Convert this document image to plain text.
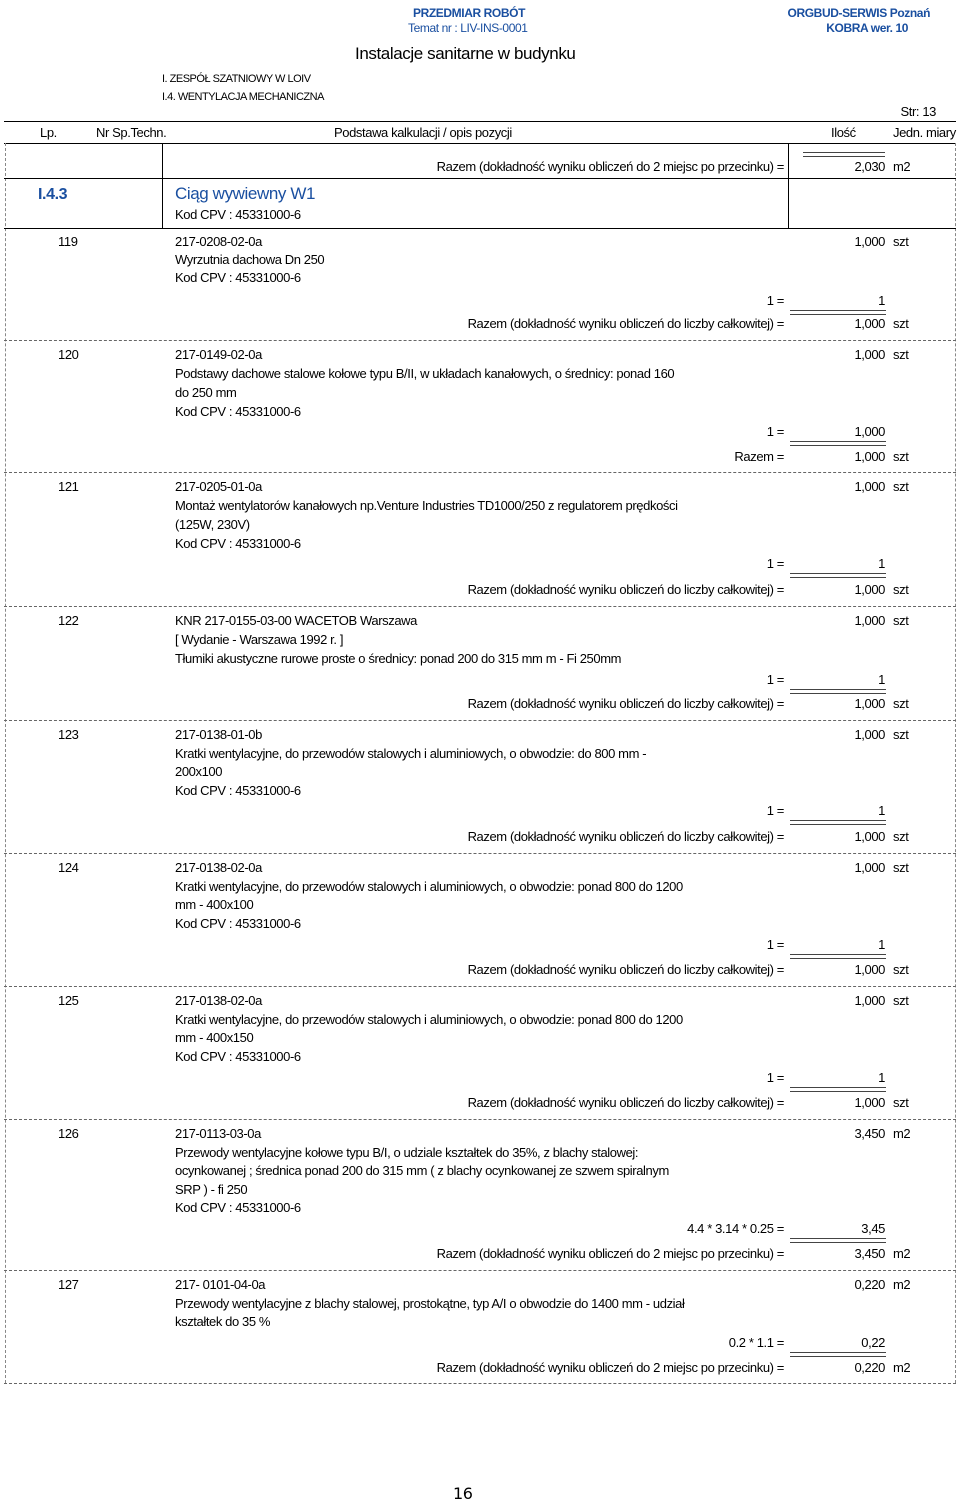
PRZEDMIAR ROBÓT
Temat nr : LIV-INS-0001
ORGBUD-SERWIS Poznań
KOBRA wer. 10
Instalacje sanitarne w budynku
I. ZESPÓŁ SZATNIOWY W LOIV
I.4. WENTYLACJA MECHANICZNA
Str: 13
Lp.	Nr Sp.Techn.	Podstawa kalkulacji / opis pozycji	Ilość	Jedn. miary
Razem (dokładność wyniku obliczeń do 2 miejsc po przecinku) =	2,030 m2
I.4.3	Ciąg wywiewny W1
Kod CPV : 45331000-6
119	217-0208-02-0a	1,000 szt
Wyrzutnia dachowa Dn 250
Kod CPV : 45331000-6
1 =	1
Razem (dokładność wyniku obliczeń do liczby całkowitej) =	1,000 szt
120	217-0149-02-0a	1,000 szt
Podstawy dachowe stalowe kołowe typu B/II, w układach kanałowych, o średnicy: ponad 160
do 250 mm
Kod CPV : 45331000-6
1 =	1,000
Razem =	1,000 szt
121	217-0205-01-0a	1,000 szt
Montaż wentylatorów kanałowych np.Venture Industries TD1000/250 z regulatorem prędkości
(125W, 230V)
Kod CPV : 45331000-6
1 =	1
Razem (dokładność wyniku obliczeń do liczby całkowitej) =	1,000 szt
122	KNR 217-0155-03-00 WACETOB Warszawa	1,000 szt
[ Wydanie - Warszawa 1992 r. ]
Tłumiki akustyczne rurowe proste o średnicy: ponad 200 do 315 mm m - Fi 250mm
1 =	1
Razem (dokładność wyniku obliczeń do liczby całkowitej) =	1,000 szt
123	217-0138-01-0b	1,000 szt
Kratki wentylacyjne, do przewodów stalowych i aluminiowych, o obwodzie: do 800 mm -
200x100
Kod CPV : 45331000-6
1 =	1
Razem (dokładność wyniku obliczeń do liczby całkowitej) =	1,000 szt
124	217-0138-02-0a	1,000 szt
Kratki wentylacyjne, do przewodów stalowych i aluminiowych, o obwodzie: ponad 800 do 1200
mm - 400x100
Kod CPV : 45331000-6
1 =	1
Razem (dokładność wyniku obliczeń do liczby całkowitej) =	1,000 szt
125	217-0138-02-0a	1,000 szt
Kratki wentylacyjne, do przewodów stalowych i aluminiowych, o obwodzie: ponad 800 do 1200
mm - 400x150
Kod CPV : 45331000-6
1 =	1
Razem (dokładność wyniku obliczeń do liczby całkowitej) =	1,000 szt
126	217-0113-03-0a	3,450 m2
Przewody wentylacyjne kołowe typu B/I, o udziale kształtek do 35%, z blachy stalowej:
ocynkowanej ; średnica ponad 200 do 315 mm ( z blachy ocynkowanej ze szwem spiralnym
SRP ) - fi 250
Kod CPV : 45331000-6
4.4 * 3.14 * 0.25 =	3,45
Razem (dokładność wyniku obliczeń do 2 miejsc po przecinku) =	3,450 m2
127	217- 0101-04-0a	0,220 m2
Przewody wentylacyjne z blachy stalowej, prostokątne, typ A/I o obwodzie do 1400 mm - udział
kształtek do 35 %
0.2 * 1.1 =	0,22
Razem (dokładność wyniku obliczeń do 2 miejsc po przecinku) =	0,220 m2
16
